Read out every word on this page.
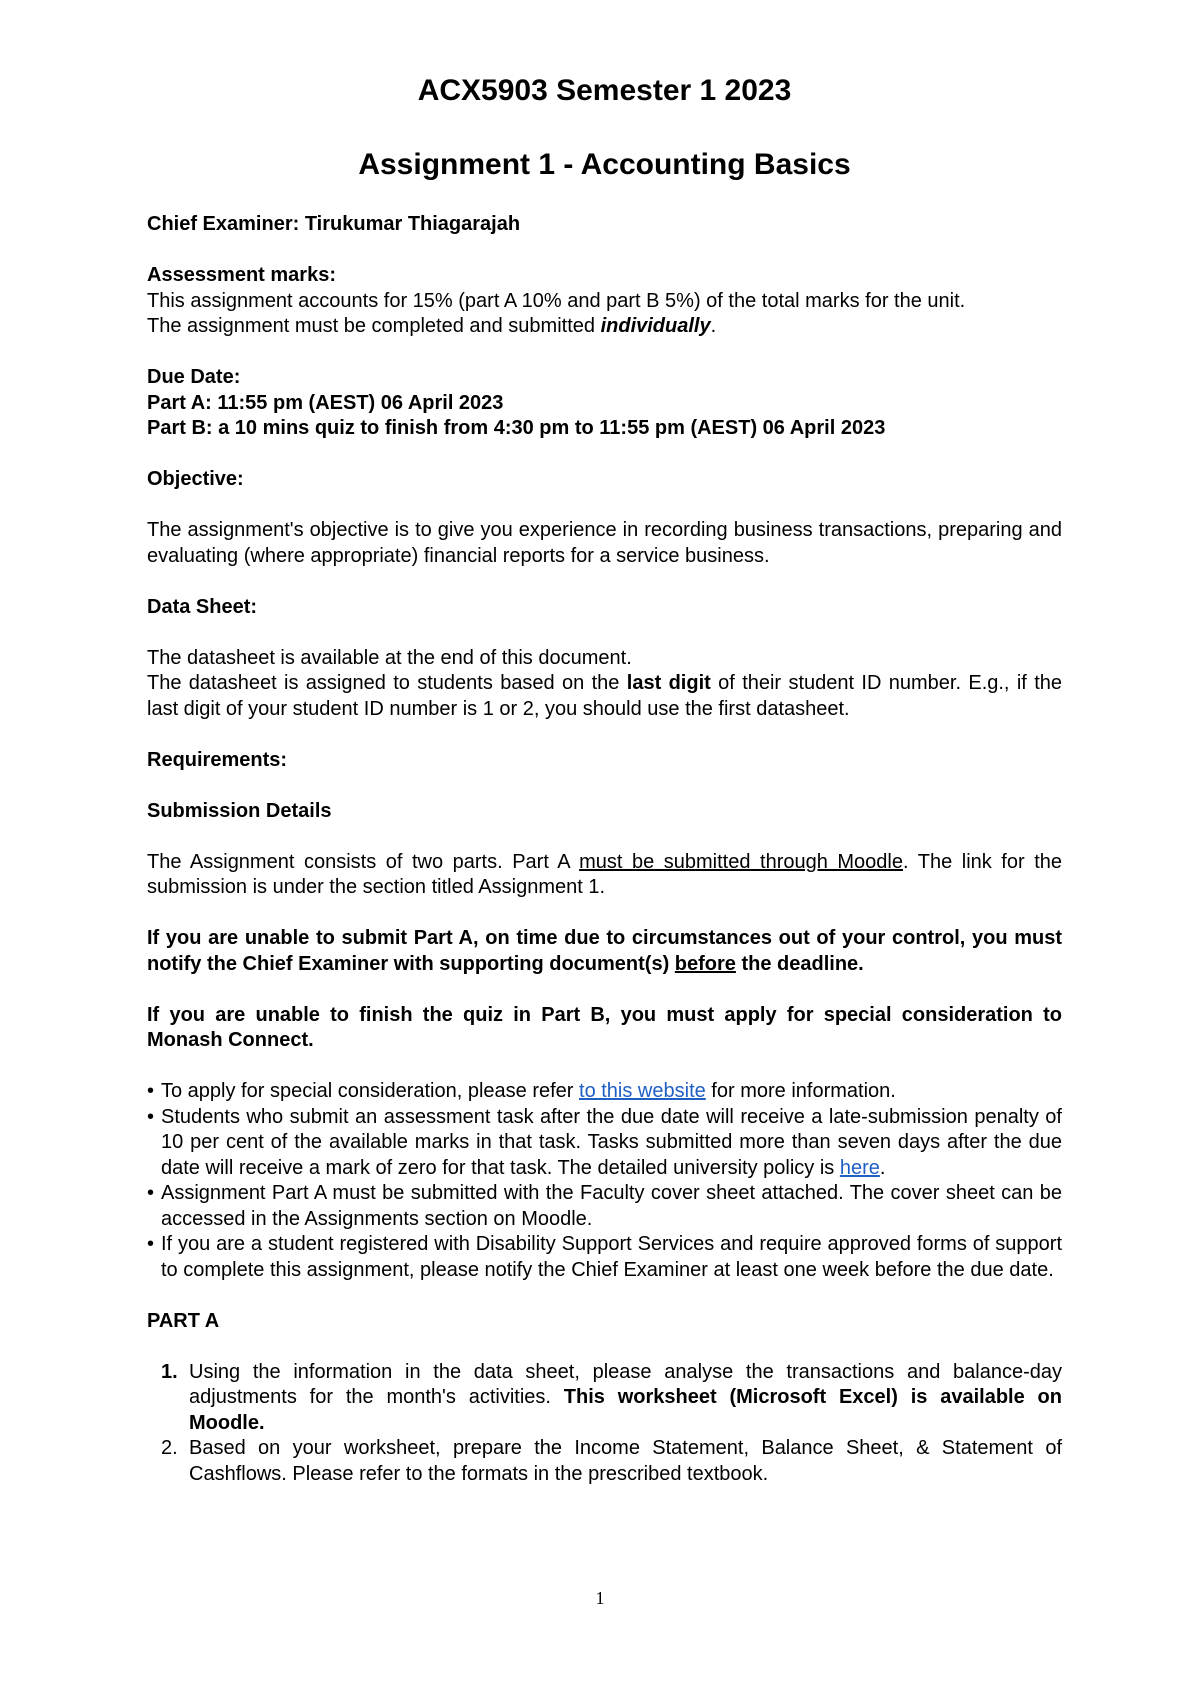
ACX5903 Semester 1 2023
Assignment 1 - Accounting Basics

Chief Examiner: Tirukumar Thiagarajah

Assessment marks:

This assignment accounts for 15% (part A 10% and part B 5%) of the total marks for the unit.

The assignment must be completed and submitted individually.

Due Date:

Part A: 11:55 pm (AEST) 06 April 2023

Part B: a 10 mins quiz to finish from 4:30 pm to 11:55 pm (AEST) 06 April 2023

Objective:

The assignment's objective is to give you experience in recording business transactions, preparing and evaluating (where appropriate) financial reports for a service business.

Data Sheet:

The datasheet is available at the end of this document.

The datasheet is assigned to students based on the last digit of their student ID number. E.g., if the last digit of your student ID number is 1 or 2, you should use the first datasheet.

Requirements:

Submission Details

The Assignment consists of two parts. Part A must be submitted through Moodle. The link for the submission is under the section titled Assignment 1.

If you are unable to submit Part A, on time due to circumstances out of your control, you must notify the Chief Examiner with supporting document(s) before the deadline.

If you are unable to finish the quiz in Part B, you must apply for special consideration to Monash Connect.

• To apply for special consideration, please refer to this website for more information.
• Students who submit an assessment task after the due date will receive a late-submission penalty of 10 per cent of the available marks in that task. Tasks submitted more than seven days after the due date will receive a mark of zero for that task. The detailed university policy is here.
• Assignment Part A must be submitted with the Faculty cover sheet attached. The cover sheet can be accessed in the Assignments section on Moodle.
• If you are a student registered with Disability Support Services and require approved forms of support to complete this assignment, please notify the Chief Examiner at least one week before the due date.

PART A

1. Using the information in the data sheet, please analyse the transactions and balance-day adjustments for the month's activities. This worksheet (Microsoft Excel) is available on Moodle.
2. Based on your worksheet, prepare the Income Statement, Balance Sheet, & Statement of Cashflows. Please refer to the formats in the prescribed textbook.
1
